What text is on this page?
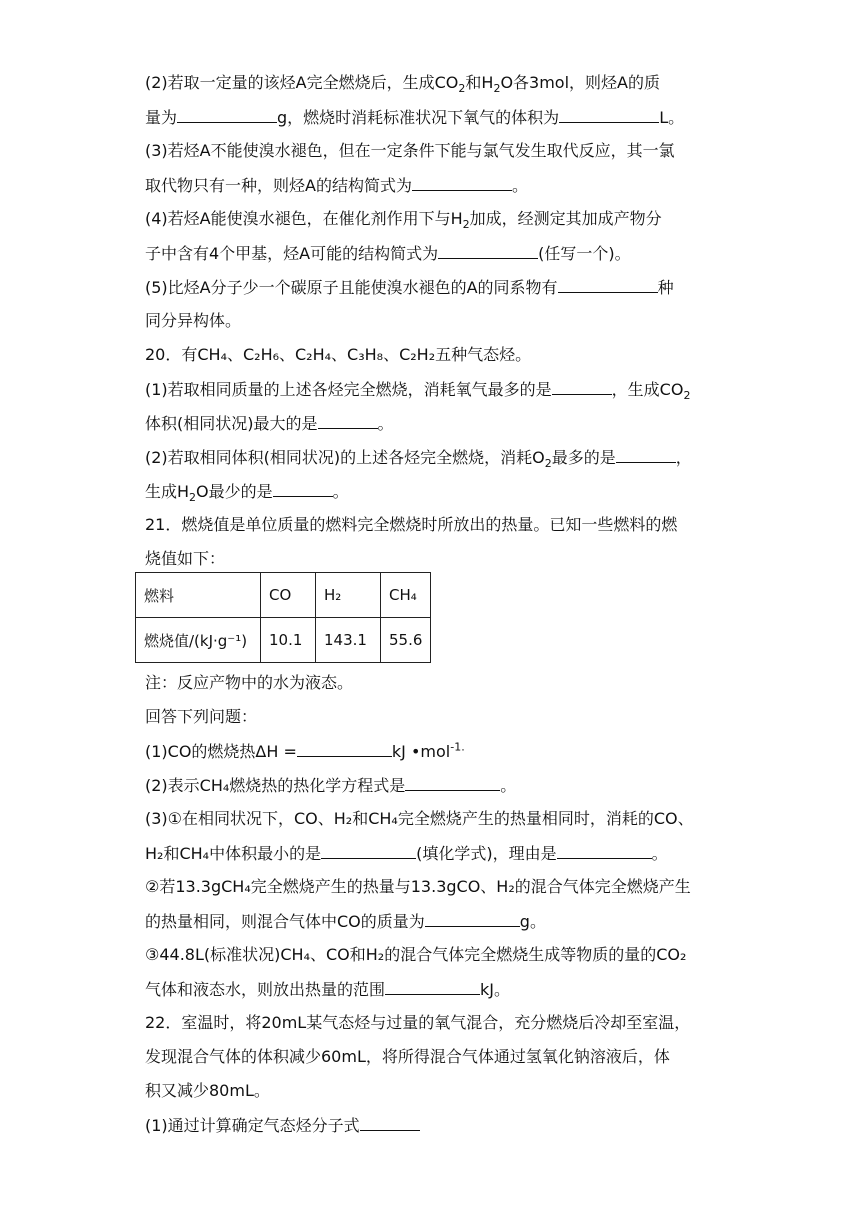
(2)若取一定量的该烃A完全燃烧后，生成$CO_2$和$H_2O$各3mol，则烃A的质
量为	g，燃烧时消耗标准状况下氧气的体积为	L。
(3)若烃A不能使溴水褪色，但在一定条件下能与氯气发生取代反应，其一氯
取代物只有一种，则烃A的结构简式为	。
(4)若烃A能使溴水褪色，在催化剂作用下与$H_2$加成，经测定其加成产物分
子中含有4个甲基，烃A可能的结构简式为	(任写一个)。
(5)比烃A分子少一个碳原子且能使溴水褪色的A的同系物有	种
同分异构体。
20．有CH₄、C₂H₆、C₂H₄、C₃H₈、C₂H₂五种气态烃。
(1)若取相同质量的上述各烃完全燃烧，消耗氧气最多的是	，生成$CO_2$
体积(相同状况)最大的是	。
(2)若取相同体积(相同状况)的上述各烃完全燃烧，消耗$O_2$最多的是	，
生成$H_2O$最少的是	。
21．燃烧值是单位质量的燃料完全燃烧时所放出的热量。已知一些燃料的燃
烧值如下：
燃料	CO	H₂	CH₄
燃烧值/(kJ·g⁻¹)	10.1	143.1	55.6
注：反应产物中的水为液态。
回答下列问题：
(1)CO的燃烧热ΔH =	kJ •mol$^{-1.}$
(2)表示CH₄燃烧热的热化学方程式是	。
(3)①在相同状况下，CO、H₂和CH₄完全燃烧产生的热量相同时，消耗的CO、
H₂和CH₄中体积最小的是	(填化学式)，理由是	。
②若13.3gCH₄完全燃烧产生的热量与13.3gCO、H₂的混合气体完全燃烧产生
的热量相同，则混合气体中CO的质量为	g。
③44.8L(标准状况)CH₄、CO和H₂的混合气体完全燃烧生成等物质的量的CO₂
气体和液态水，则放出热量的范围	kJ。
22．室温时，将20mL某气态烃与过量的氧气混合，充分燃烧后冷却至室温，
发现混合气体的体积减少60mL，将所得混合气体通过氢氧化钠溶液后，体
积又减少80mL。
(1)通过计算确定气态烃分子式
